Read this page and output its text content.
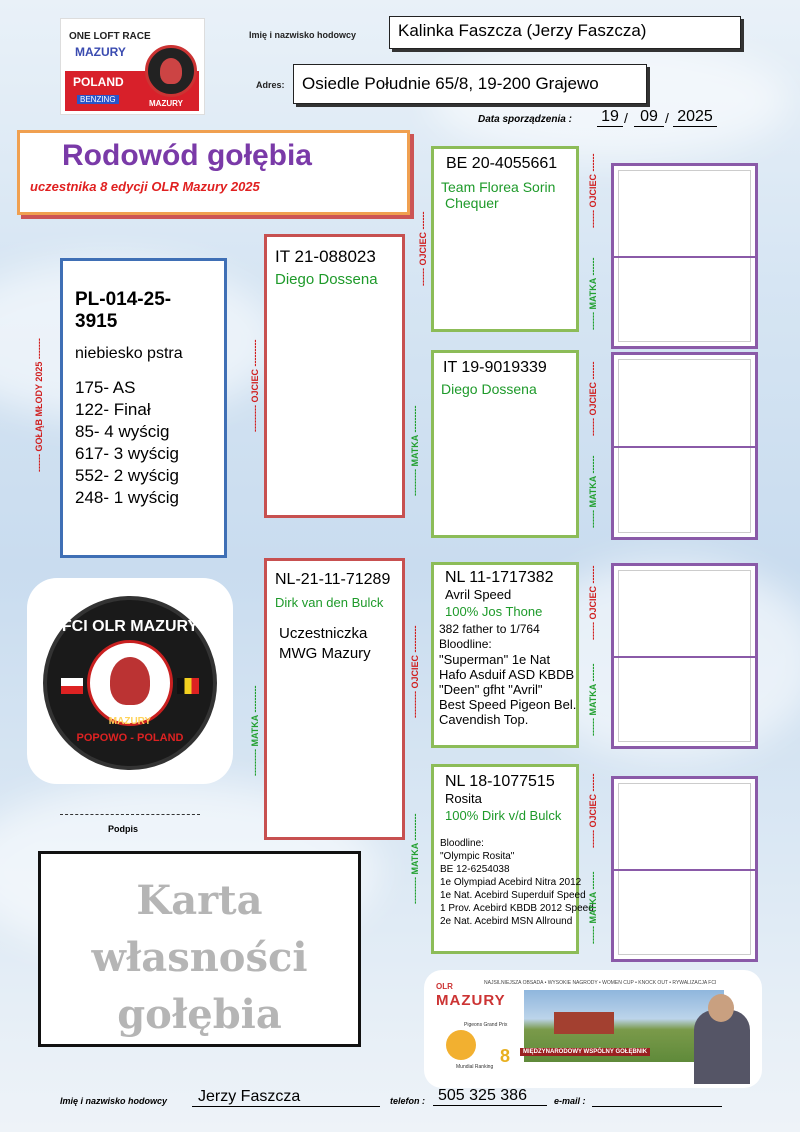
ONE LOFT RACE
MAZURY
POLAND
BENZING	MAZURY
Imię i nazwisko hodowcy	Kalinka Faszcza (Jerzy Faszcza)
Adres:	Osiedle Południe 65/8, 19-200 Grajewo
Data sporządzenia : 19 / 09 / 2025
Rodowód gołębia
uczestnika 8 edycji OLR Mazury 2025
------ GOŁĄB MŁODY 2025 -------
PL-014-25-3915
niebiesko pstra
175- AS
122- Finał
85- 4 wyścig
617- 3 wyścig
552- 2 wyścig
248- 1 wyścig
--------- OJCIEC ---------
IT 21-088023
Diego Dossena
--------- MATKA ---------
NL-21-11-71289
Dirk van den Bulck
Uczestniczka
MWG Mazury
------ OJCIEC ------
--------- MATKA ---------
--------- OJCIEC ---------
--------- MATKA ---------
BE 20-4055661
Team Florea Sorin
Chequer
IT 19-9019339
Diego Dossena
NL 11-1717382
Avril Speed
100% Jos Thone
382 father to 1/764
Bloodline:
"Superman" 1e Nat
Hafo Asduif ASD KBDB
"Deen" gfht "Avril"
Best Speed Pigeon Bel.
Cavendish Top.
NL 18-1077515
Rosita
100% Dirk v/d Bulck
Bloodline:
"Olympic Rosita"
BE 12-6254038
1e Olympiad Acebird Nitra 2012
1e Nat. Acebird Superduif Speed
1 Prov. Acebird KBDB 2012 Speed
2e Nat. Acebird MSN Allround
------ OJCIEC ------
------ MATKA ------
------ OJCIEC ------
------ MATKA ------
------ OJCIEC ------
------ MATKA ------
------ OJCIEC ------
------ MATKA ------
FCI OLR MAZURY
MAZURY
POPOWO - POLAND
Podpis
Karta
własności
gołębia
NAJSILNIEJSZA OBSADA • WYSOKIE NAGRODY • WOMEN CUP • KNOCK OUT • RYWALIZACJA FCI
OLR
MAZURY
Pigeons Grand Prix
Mundial Ranking
8	MIĘDZYNARODOWY WSPÓLNY GOŁĘBNIK
Imię i nazwisko hodowcy	Jerzy Faszcza	telefon : 505 325 386	e-mail :
